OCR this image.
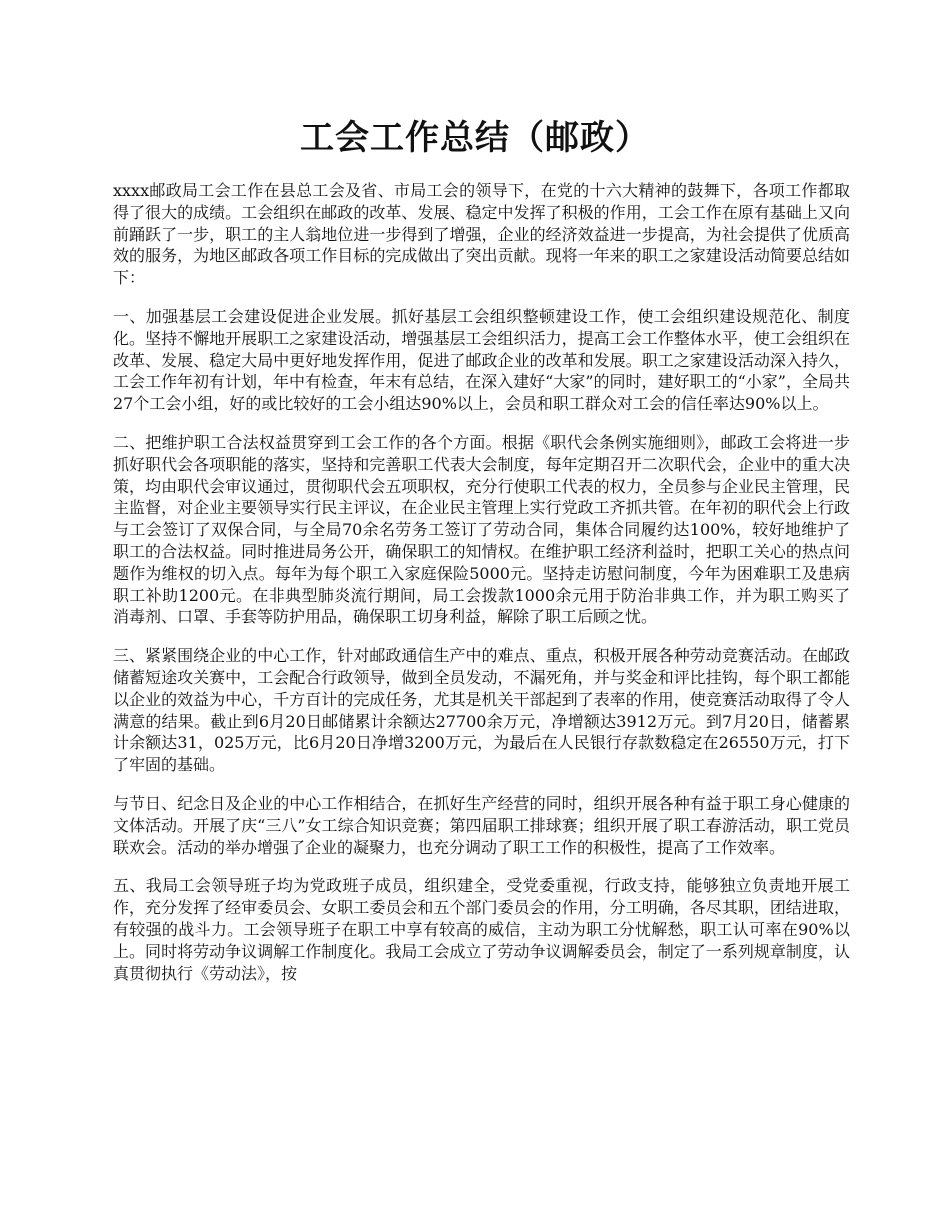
工会工作总结（邮政）

xxxx邮政局工会工作在县总工会及省、市局工会的领导下，在党的十六大精神的鼓舞下，各项工作都取得了很大的成绩。工会组织在邮政的改革、发展、稳定中发挥了积极的作用，工会工作在原有基础上又向前踊跃了一步，职工的主人翁地位进一步得到了增强，企业的经济效益进一步提高，为社会提供了优质高效的服务，为地区邮政各项工作目标的完成做出了突出贡献。现将一年来的职工之家建设活动简要总结如下：

一、加强基层工会建设促进企业发展。抓好基层工会组织整顿建设工作，使工会组织建设规范化、制度化。坚持不懈地开展职工之家建设活动，增强基层工会组织活力，提高工会工作整体水平，使工会组织在改革、发展、稳定大局中更好地发挥作用，促进了邮政企业的改革和发展。职工之家建设活动深入持久，工会工作年初有计划，年中有检查，年末有总结，在深入建好“大家”的同时，建好职工的“小家”，全局共27个工会小组，好的或比较好的工会小组达90%以上，会员和职工群众对工会的信任率达90%以上。

二、把维护职工合法权益贯穿到工会工作的各个方面。根据《职代会条例实施细则》，邮政工会将进一步抓好职代会各项职能的落实，坚持和完善职工代表大会制度，每年定期召开二次职代会，企业中的重大决策，均由职代会审议通过，贯彻职代会五项职权，充分行使职工代表的权力，全员参与企业民主管理，民主监督，对企业主要领导实行民主评议，在企业民主管理上实行党政工齐抓共管。在年初的职代会上行政与工会签订了双保合同，与全局70余名劳务工签订了劳动合同，集体合同履约达100%，较好地维护了职工的合法权益。同时推进局务公开，确保职工的知情权。在维护职工经济利益时，把职工关心的热点问题作为维权的切入点。每年为每个职工入家庭保险5000元。坚持走访慰问制度，今年为困难职工及患病职工补助1200元。在非典型肺炎流行期间，局工会拨款1000余元用于防治非典工作，并为职工购买了消毒剂、口罩、手套等防护用品，确保职工切身利益，解除了职工后顾之忧。

三、紧紧围绕企业的中心工作，针对邮政通信生产中的难点、重点，积极开展各种劳动竞赛活动。在邮政储蓄短途攻关赛中，工会配合行政领导，做到全员发动，不漏死角，并与奖金和评比挂钩，每个职工都能以企业的效益为中心，千方百计的完成任务，尤其是机关干部起到了表率的作用，使竞赛活动取得了令人满意的结果。截止到6月20日邮储累计余额达27700余万元，净增额达3912万元。到7月20日，储蓄累计余额达31，025万元，比6月20日净增3200万元，为最后在人民银行存款数稳定在26550万元，打下了牢固的基础。

与节日、纪念日及企业的中心工作相结合，在抓好生产经营的同时，组织开展各种有益于职工身心健康的文体活动。开展了庆“三八”女工综合知识竞赛；第四届职工排球赛；组织开展了职工春游活动，职工党员联欢会。活动的举办增强了企业的凝聚力，也充分调动了职工工作的积极性，提高了工作效率。

五、我局工会领导班子均为党政班子成员，组织建全，受党委重视，行政支持，能够独立负责地开展工作，充分发挥了经审委员会、女职工委员会和五个部门委员会的作用，分工明确，各尽其职，团结进取，有较强的战斗力。工会领导班子在职工中享有较高的威信，主动为职工分忧解愁，职工认可率在90%以上。同时将劳动争议调解工作制度化。我局工会成立了劳动争议调解委员会，制定了一系列规章制度，认真贯彻执行《劳动法》，按
